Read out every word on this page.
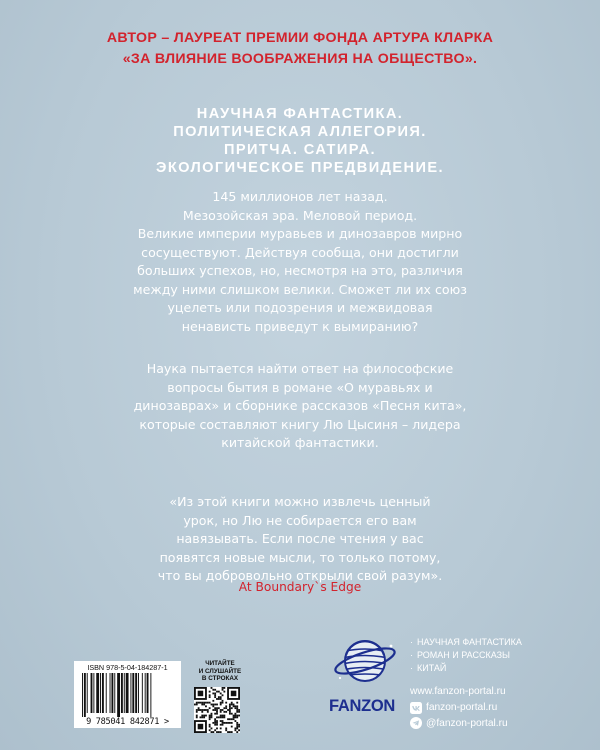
АВТОР – ЛАУРЕАТ ПРЕМИИ ФОНДА АРТУРА КЛАРКА
«ЗА ВЛИЯНИЕ ВООБРАЖЕНИЯ НА ОБЩЕСТВО».
НАУЧНАЯ ФАНТАСТИКА.
ПОЛИТИЧЕСКАЯ АЛЛЕГОРИЯ.
ПРИТЧА. САТИРА.
ЭКОЛОГИЧЕСКОЕ ПРЕДВИДЕНИЕ.
145 миллионов лет назад.
Мезозойская эра. Меловой период.
Великие империи муравьев и динозавров мирно
сосуществуют. Действуя сообща, они достигли
больших успехов, но, несмотря на это, различия
между ними слишком велики. Сможет ли их союз
уцелеть или подозрения и межвидовая
ненависть приведут к вымиранию?
Наука пытается найти ответ на философские
вопросы бытия в романе «О муравьях и
динозаврах» и сборнике рассказов «Песня кита»,
которые составляют книгу Лю Цысиня – лидера
китайской фантастики.
«Из этой книги можно извлечь ценный
урок, но Лю не собирается его вам
навязывать. Если после чтения у вас
появятся новые мысли, то только потому,
что вы добровольно открыли свой разум».
At Boundary`s Edge
ISBN 978-5-04-184287-1
9 785041 842871 >
ЧИТАЙТЕ
И СЛУШАЙТЕ
В СТРОКАХ
FANZON
· НАУЧНАЯ ФАНТАСТИКА
· РОМАН И РАССКАЗЫ
· КИТАЙ
www.fanzon-portal.ru
fanzon-portal.ru
@fanzon-portal.ru
